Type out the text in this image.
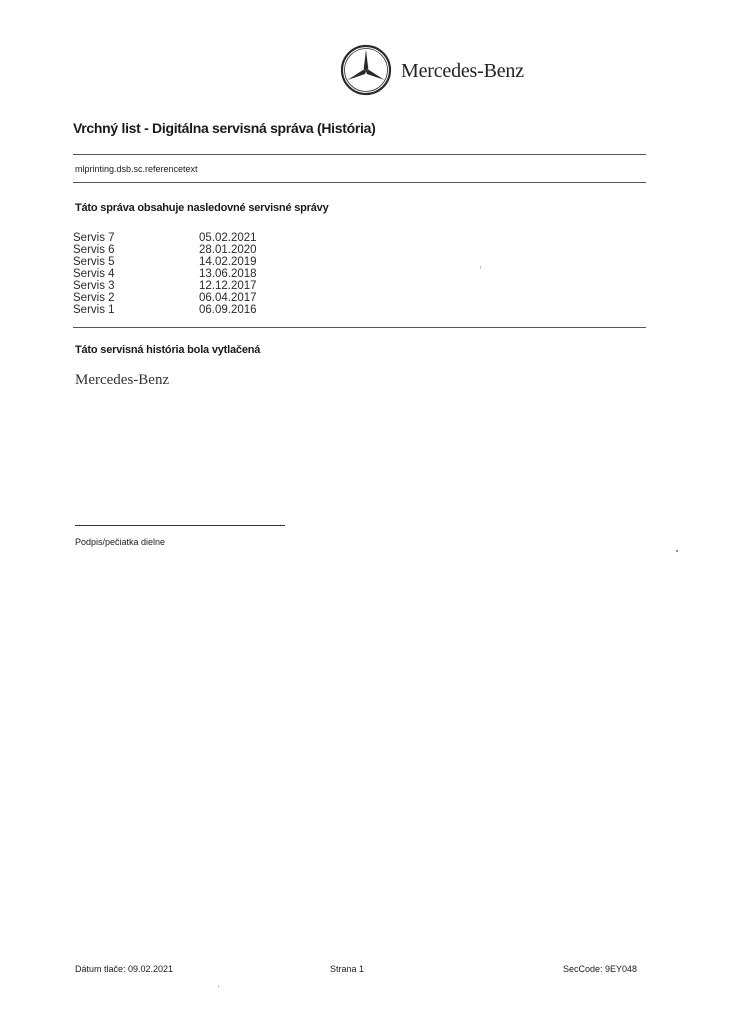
Mercedes-Benz
Vrchný list - Digitálna servisná správa (História)
mlprinting.dsb.sc.referencetext
Táto správa obsahuje nasledovné servisné správy
Servis 7	05.02.2021
Servis 6	28.01.2020
Servis 5	14.02.2019
Servis 4	13.06.2018
Servis 3	12.12.2017
Servis 2	06.04.2017
Servis 1	06.09.2016
Táto servisná história bola vytlačená
Mercedes-Benz
Podpis/pečiatka dielne
Dátum tlače: 09.02.2021	Strana 1	SecCode: 9EY048
